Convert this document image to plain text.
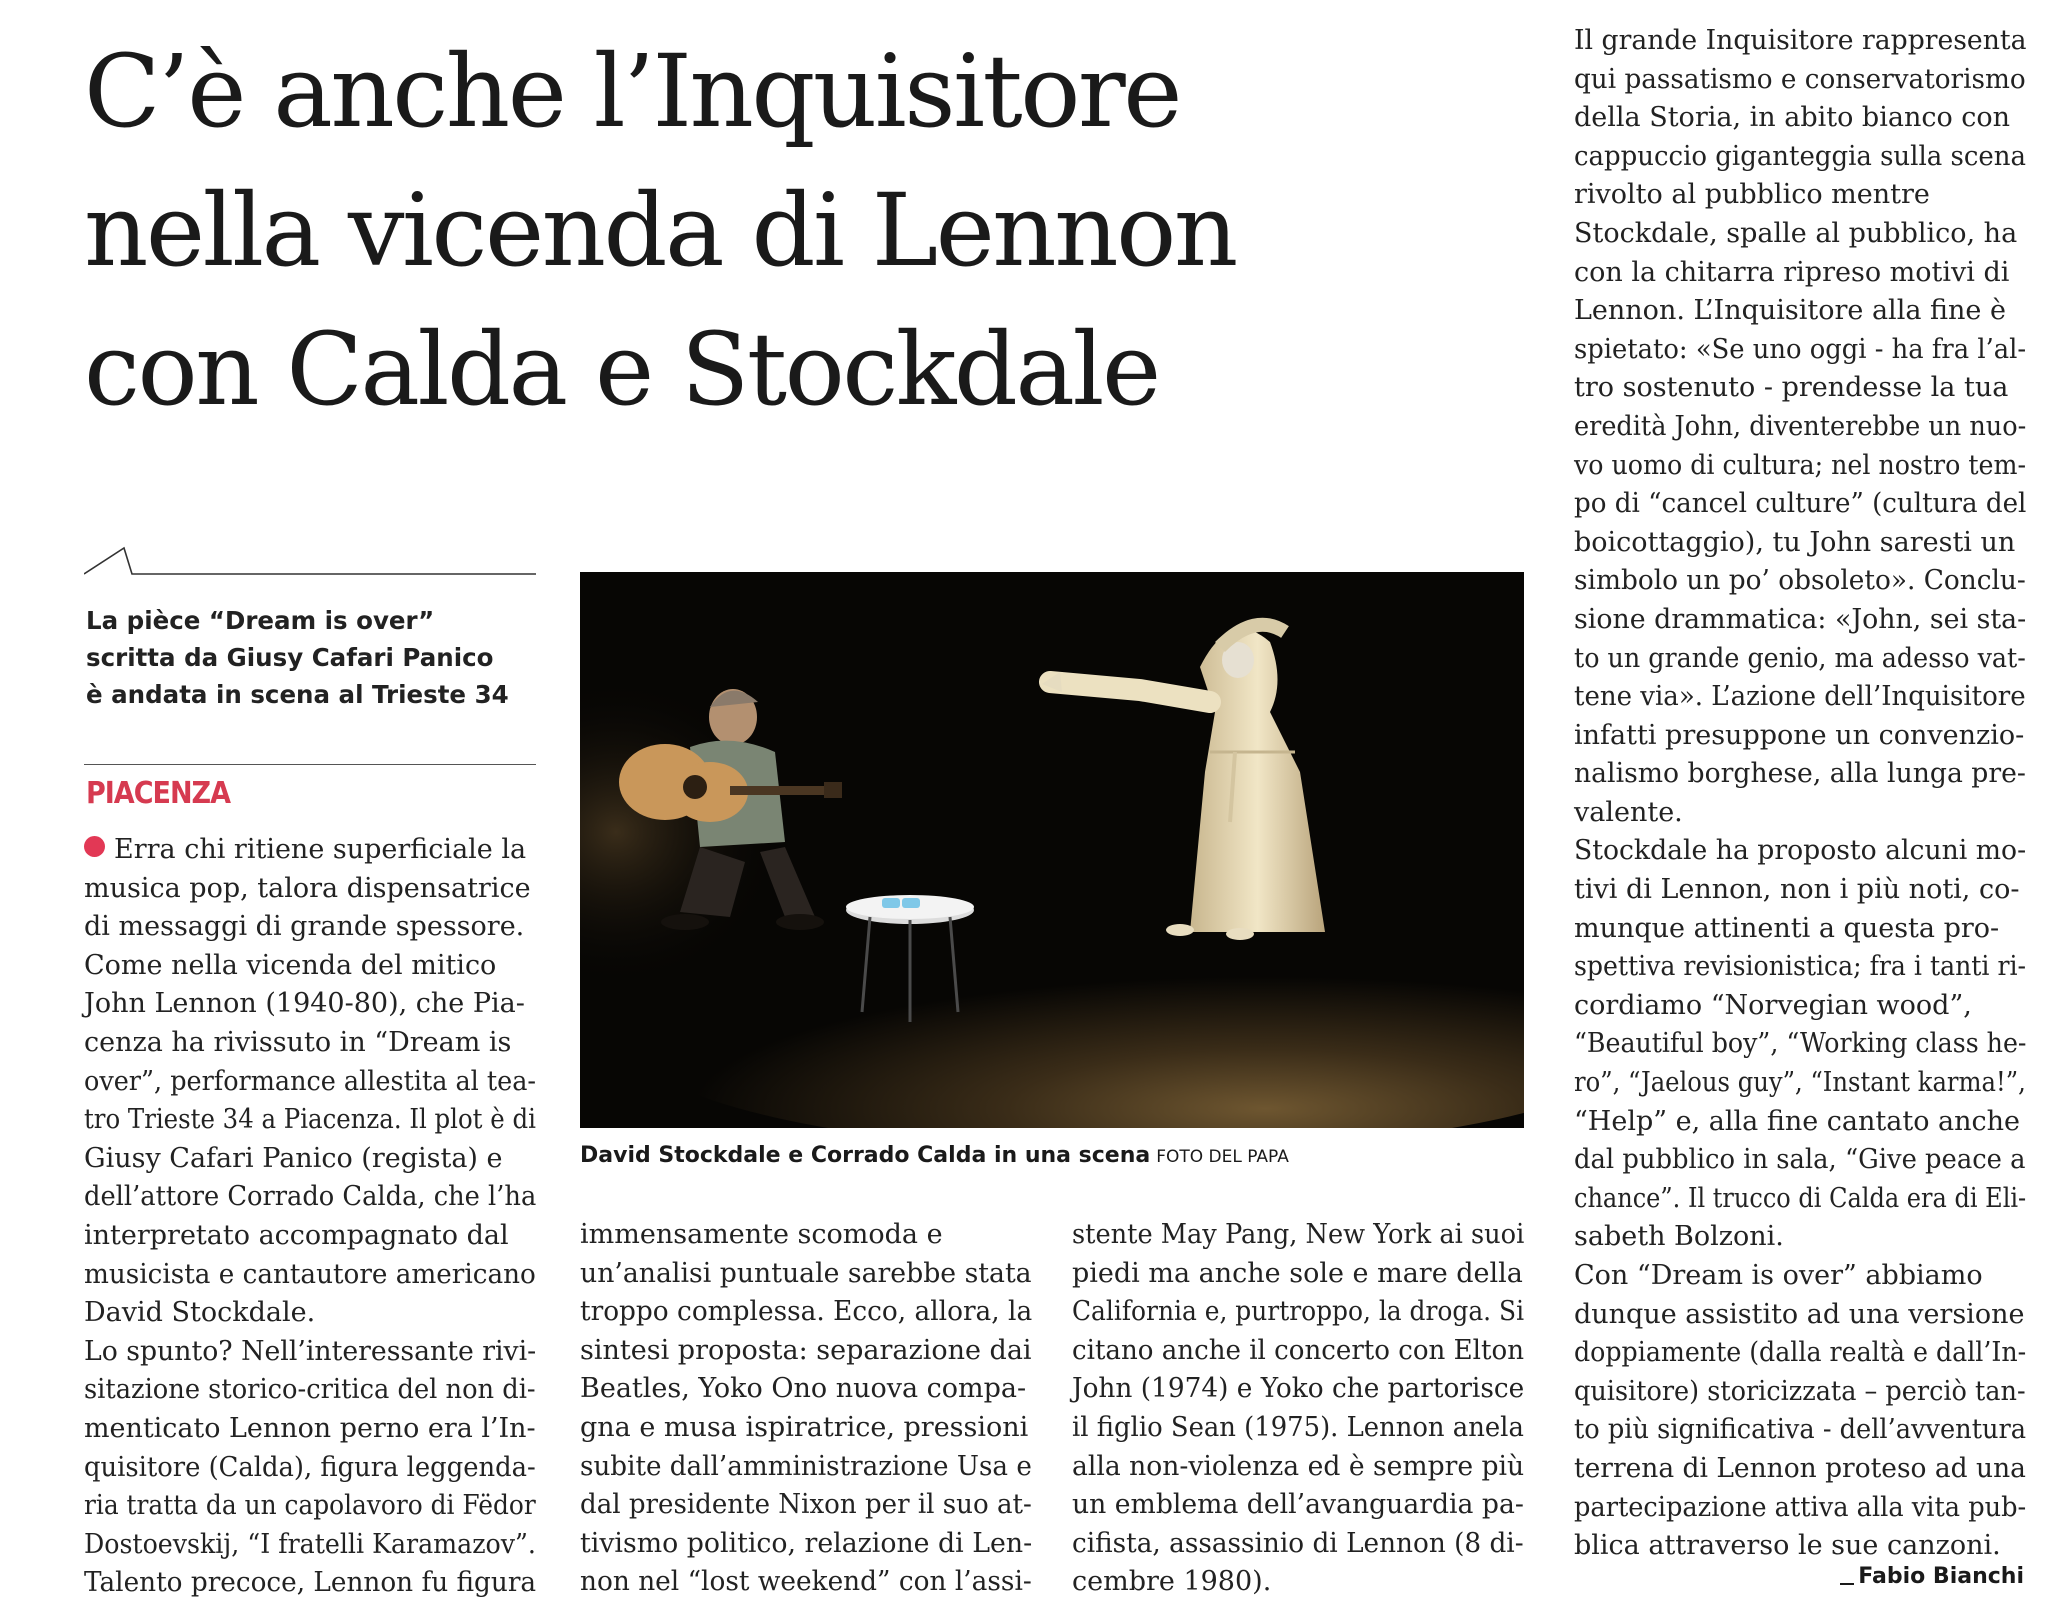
C’è anche l’Inquisitore
nella vicenda di Lennon
con Calda e Stockdale
La pièce “Dream is over”
scritta da Giusy Cafari Panico
è andata in scena al Trieste 34
PIACENZA
Erra chi ritiene superficiale la
musica pop, talora dispensatrice
di messaggi di grande spessore.
Come nella vicenda del mitico
John Lennon (1940-80), che Pia-
cenza ha rivissuto in “Dream is
over”, performance allestita al tea-
tro Trieste 34 a Piacenza. Il plot è di
Giusy Cafari Panico (regista) e
dell’attore Corrado Calda, che l’ha
interpretato accompagnato dal
musicista e cantautore americano
David Stockdale.
Lo spunto? Nell’interessante rivi-
sitazione storico-critica del non di-
menticato Lennon perno era l’In-
quisitore (Calda), figura leggenda-
ria tratta da un capolavoro di Fëdor
Dostoevskij, “I fratelli Karamazov”.
Talento precoce, Lennon fu figura
David Stockdale e Corrado Calda in una scena FOTO DEL PAPA
immensamente scomoda e
un’analisi puntuale sarebbe stata
troppo complessa. Ecco, allora, la
sintesi proposta: separazione dai
Beatles, Yoko Ono nuova compa-
gna e musa ispiratrice, pressioni
subite dall’amministrazione Usa e
dal presidente Nixon per il suo at-
tivismo politico, relazione di Len-
non nel “lost weekend” con l’assi-
stente May Pang, New York ai suoi
piedi ma anche sole e mare della
California e, purtroppo, la droga. Si
citano anche il concerto con Elton
John (1974) e Yoko che partorisce
il figlio Sean (1975). Lennon anela
alla non-violenza ed è sempre più
un emblema dell’avanguardia pa-
cifista, assassinio di Lennon (8 di-
cembre 1980).
Il grande Inquisitore rappresenta
qui passatismo e conservatorismo
della Storia, in abito bianco con
cappuccio giganteggia sulla scena
rivolto al pubblico mentre
Stockdale, spalle al pubblico, ha
con la chitarra ripreso motivi di
Lennon. L’Inquisitore alla fine è
spietato: «Se uno oggi - ha fra l’al-
tro sostenuto - prendesse la tua
eredità John, diventerebbe un nuo-
vo uomo di cultura; nel nostro tem-
po di “cancel culture” (cultura del
boicottaggio), tu John saresti un
simbolo un po’ obsoleto». Conclu-
sione drammatica: «John, sei sta-
to un grande genio, ma adesso vat-
tene via». L’azione dell’Inquisitore
infatti presuppone un convenzio-
nalismo borghese, alla lunga pre-
valente.
Stockdale ha proposto alcuni mo-
tivi di Lennon, non i più noti, co-
munque attinenti a questa pro-
spettiva revisionistica; fra i tanti ri-
cordiamo “Norvegian wood”,
“Beautiful boy”, “Working class he-
ro”, “Jaelous guy”, “Instant karma!”,
“Help” e, alla fine cantato anche
dal pubblico in sala, “Give peace a
chance”. Il trucco di Calda era di Eli-
sabeth Bolzoni.
Con “Dream is over” abbiamo
dunque assistito ad una versione
doppiamente (dalla realtà e dall’In-
quisitore) storicizzata – perciò tan-
to più significativa - dell’avventura
terrena di Lennon proteso ad una
partecipazione attiva alla vita pub-
blica attraverso le sue canzoni.
Fabio Bianchi
